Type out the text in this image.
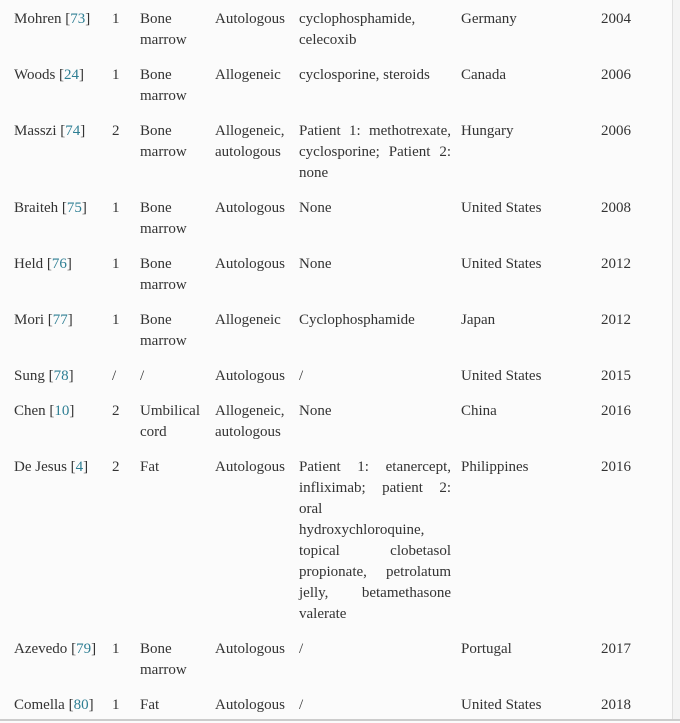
Mohren [73]	1	Bone marrow	Autologous	cyclophosphamide, celecoxib	Germany	2004
Woods [24]	1	Bone marrow	Allogeneic	cyclosporine, steroids	Canada	2006
Masszi [74]	2	Bone marrow	Allogeneic, autologous	Patient 1: methotrexate, cyclosporine; Patient 2: none	Hungary	2006
Braiteh [75]	1	Bone marrow	Autologous	None	United States	2008
Held [76]	1	Bone marrow	Autologous	None	United States	2012
Mori [77]	1	Bone marrow	Allogeneic	Cyclophosphamide	Japan	2012
Sung [78]	/	/	Autologous	/	United States	2015
Chen [10]	2	Umbilical cord	Allogeneic, autologous	None	China	2016
De Jesus [4]	2	Fat	Autologous	Patient 1: etanercept, infliximab; patient 2: oral hydroxychloroquine, topical clobetasol propionate, petrolatum jelly, betamethasone valerate	Philippines	2016
Azevedo [79]	1	Bone marrow	Autologous	/	Portugal	2017
Comella [80]	1	Fat	Autologous	/	United States	2018
